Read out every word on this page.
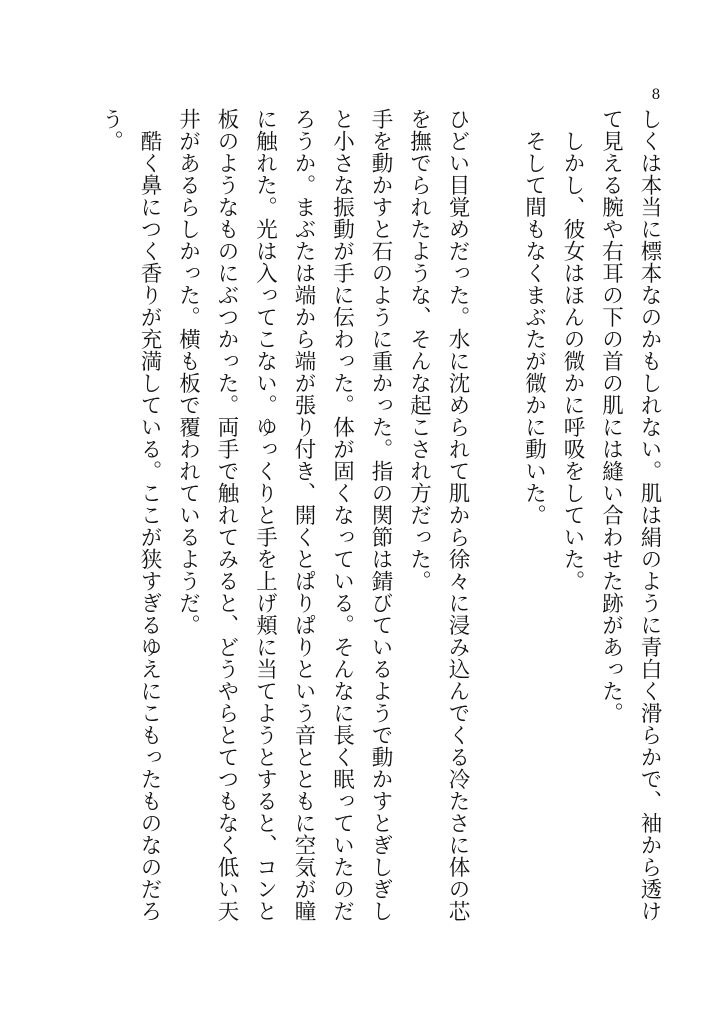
8

しくは本当に標本なのかもしれない。肌は絹のように青白く滑らかで、袖から透けて見える腕や右耳の下の首の肌には縫い合わせた跡があった。

しかし、彼女はほんの微かに呼吸をしていた。

そして間もなくまぶたが微かに動いた。

ひどい目覚めだった。水に沈められて肌から徐々に浸み込んでくる冷たさに体の芯を撫でられたような、そんな起こされ方だった。

手を動かすと石のように重かった。指の関節は錆びているようで動かすとぎしぎしと小さな振動が手に伝わった。体が固くなっている。そんなに長く眠っていたのだろうか。まぶたは端から端が張り付き、開くとぱりぱりという音とともに空気が瞳に触れた。光は入ってこない。ゆっくりと手を上げ頬に当てようとすると、コンと板のようなものにぶつかった。両手で触れてみると、どうやらとてつもなく低い天井があるらしかった。横も板で覆われているようだ。

酷く鼻につく香りが充満している。ここが狭すぎるゆえにこもったものなのだろう。
